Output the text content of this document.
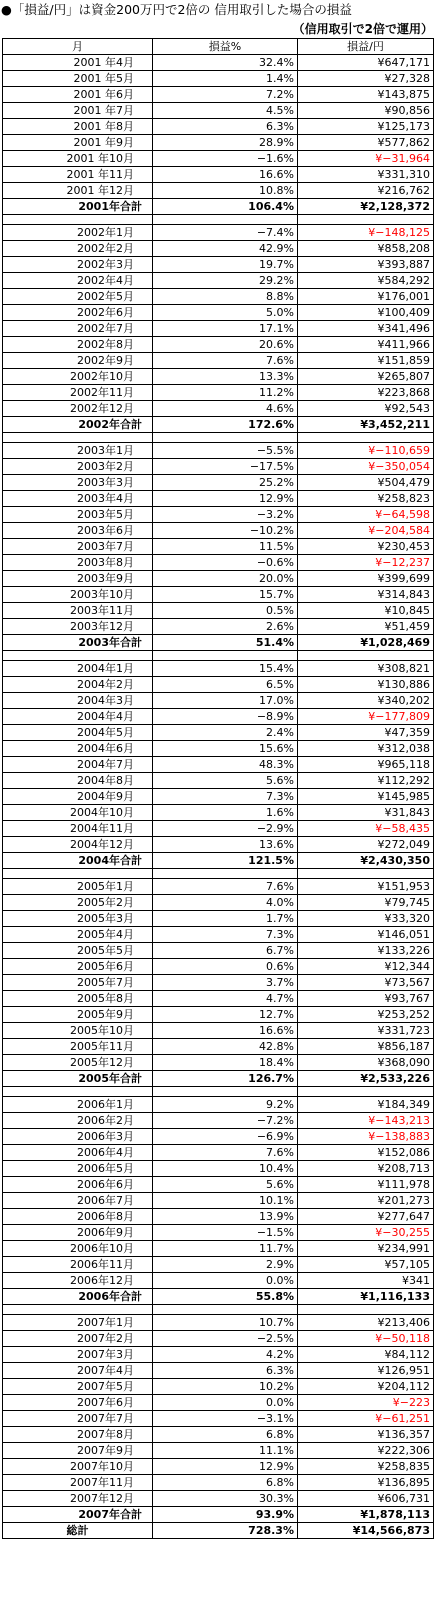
●「損益/円」は資金200万円で2倍の 信用取引した場合の損益
（信用取引で2倍で運用）
月	損益%	損益/円
2001 年4月	32.4%	¥647,171
2001 年5月	1.4%	¥27,328
2001 年6月	7.2%	¥143,875
2001 年7月	4.5%	¥90,856
2001 年8月	6.3%	¥125,173
2001 年9月	28.9%	¥577,862
2001 年10月	−1.6%	¥−31,964
2001 年11月	16.6%	¥331,310
2001 年12月	10.8%	¥216,762
2001年合計	106.4%	¥2,128,372

2002年1月	−7.4%	¥−148,125
2002年2月	42.9%	¥858,208
2002年3月	19.7%	¥393,887
2002年4月	29.2%	¥584,292
2002年5月	8.8%	¥176,001
2002年6月	5.0%	¥100,409
2002年7月	17.1%	¥341,496
2002年8月	20.6%	¥411,966
2002年9月	7.6%	¥151,859
2002年10月	13.3%	¥265,807
2002年11月	11.2%	¥223,868
2002年12月	4.6%	¥92,543
2002年合計	172.6%	¥3,452,211

2003年1月	−5.5%	¥−110,659
2003年2月	−17.5%	¥−350,054
2003年3月	25.2%	¥504,479
2003年4月	12.9%	¥258,823
2003年5月	−3.2%	¥−64,598
2003年6月	−10.2%	¥−204,584
2003年7月	11.5%	¥230,453
2003年8月	−0.6%	¥−12,237
2003年9月	20.0%	¥399,699
2003年10月	15.7%	¥314,843
2003年11月	0.5%	¥10,845
2003年12月	2.6%	¥51,459
2003年合計	51.4%	¥1,028,469

2004年1月	15.4%	¥308,821
2004年2月	6.5%	¥130,886
2004年3月	17.0%	¥340,202
2004年4月	−8.9%	¥−177,809
2004年5月	2.4%	¥47,359
2004年6月	15.6%	¥312,038
2004年7月	48.3%	¥965,118
2004年8月	5.6%	¥112,292
2004年9月	7.3%	¥145,985
2004年10月	1.6%	¥31,843
2004年11月	−2.9%	¥−58,435
2004年12月	13.6%	¥272,049
2004年合計	121.5%	¥2,430,350

2005年1月	7.6%	¥151,953
2005年2月	4.0%	¥79,745
2005年3月	1.7%	¥33,320
2005年4月	7.3%	¥146,051
2005年5月	6.7%	¥133,226
2005年6月	0.6%	¥12,344
2005年7月	3.7%	¥73,567
2005年8月	4.7%	¥93,767
2005年9月	12.7%	¥253,252
2005年10月	16.6%	¥331,723
2005年11月	42.8%	¥856,187
2005年12月	18.4%	¥368,090
2005年合計	126.7%	¥2,533,226

2006年1月	9.2%	¥184,349
2006年2月	−7.2%	¥−143,213
2006年3月	−6.9%	¥−138,883
2006年4月	7.6%	¥152,086
2006年5月	10.4%	¥208,713
2006年6月	5.6%	¥111,978
2006年7月	10.1%	¥201,273
2006年8月	13.9%	¥277,647
2006年9月	−1.5%	¥−30,255
2006年10月	11.7%	¥234,991
2006年11月	2.9%	¥57,105
2006年12月	0.0%	¥341
2006年合計	55.8%	¥1,116,133

2007年1月	10.7%	¥213,406
2007年2月	−2.5%	¥−50,118
2007年3月	4.2%	¥84,112
2007年4月	6.3%	¥126,951
2007年5月	10.2%	¥204,112
2007年6月	0.0%	¥−223
2007年7月	−3.1%	¥−61,251
2007年8月	6.8%	¥136,357
2007年9月	11.1%	¥222,306
2007年10月	12.9%	¥258,835
2007年11月	6.8%	¥136,895
2007年12月	30.3%	¥606,731
2007年合計	93.9%	¥1,878,113
総計	728.3%	¥14,566,873
